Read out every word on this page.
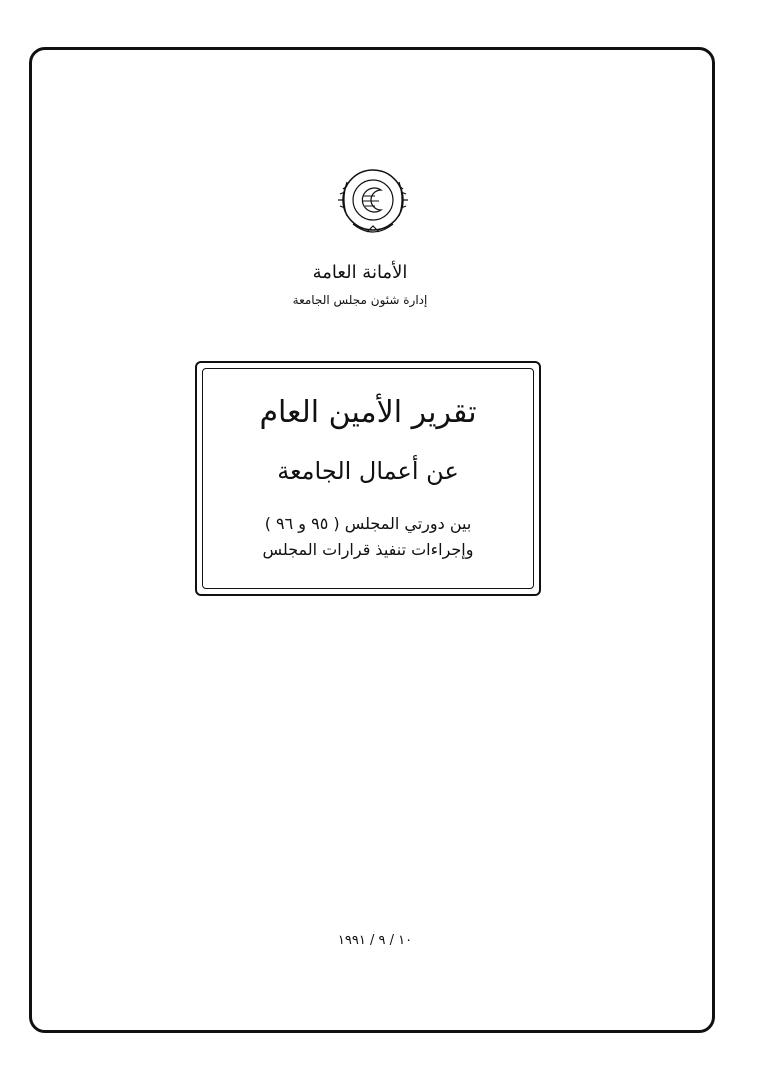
الأمانة العامة
إدارة شئون مجلس الجامعة
تقرير الأمين العام
عن أعمال الجامعة
بين دورتي المجلس ( ٩٥ و ٩٦ )
وإجراءات تنفيذ قرارات المجلس
١٠ / ٩ / ١٩٩١
